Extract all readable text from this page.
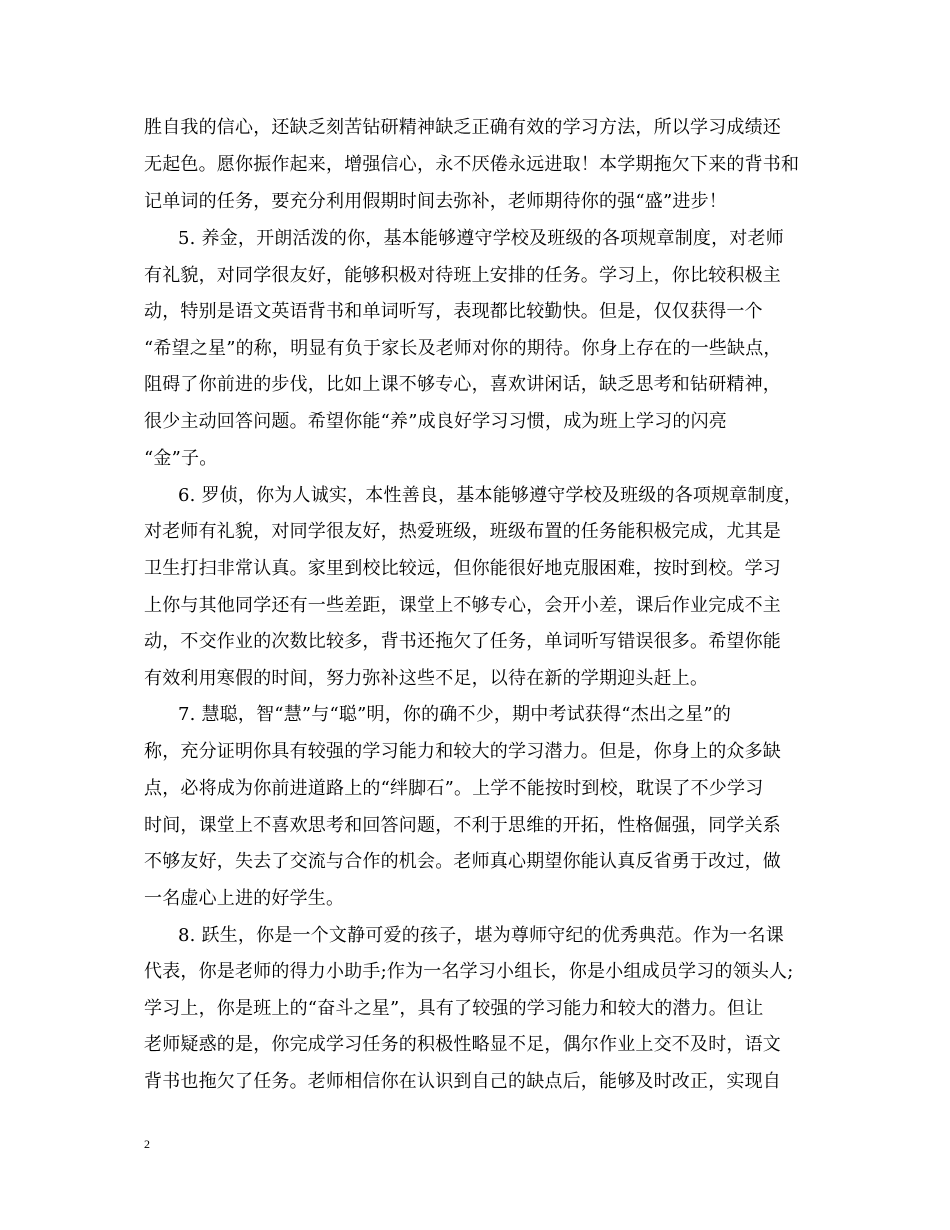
胜自我的信心，还缺乏刻苦钻研精神缺乏正确有效的学习方法，所以学习成绩还
无起色。愿你振作起来，增强信心，永不厌倦永远进取！本学期拖欠下来的背书和
记单词的任务，要充分利用假期时间去弥补，老师期待你的强“盛”进步！
5. 养金，开朗活泼的你，基本能够遵守学校及班级的各项规章制度，对老师
有礼貌，对同学很友好，能够积极对待班上安排的任务。学习上，你比较积极主
动，特别是语文英语背书和单词听写，表现都比较勤快。但是，仅仅获得一个
“希望之星”的称，明显有负于家长及老师对你的期待。你身上存在的一些缺点，
阻碍了你前进的步伐，比如上课不够专心，喜欢讲闲话，缺乏思考和钻研精神，
很少主动回答问题。希望你能“养”成良好学习习惯，成为班上学习的闪亮
“金”子。
6. 罗侦，你为人诚实，本性善良，基本能够遵守学校及班级的各项规章制度，
对老师有礼貌，对同学很友好，热爱班级，班级布置的任务能积极完成，尤其是
卫生打扫非常认真。家里到校比较远，但你能很好地克服困难，按时到校。学习
上你与其他同学还有一些差距，课堂上不够专心，会开小差，课后作业完成不主
动，不交作业的次数比较多，背书还拖欠了任务，单词听写错误很多。希望你能
有效利用寒假的时间，努力弥补这些不足，以待在新的学期迎头赶上。
7. 慧聪，智“慧”与“聪”明，你的确不少，期中考试获得“杰出之星”的
称，充分证明你具有较强的学习能力和较大的学习潜力。但是，你身上的众多缺
点，必将成为你前进道路上的“绊脚石”。上学不能按时到校，耽误了不少学习
时间，课堂上不喜欢思考和回答问题，不利于思维的开拓，性格倔强，同学关系
不够友好，失去了交流与合作的机会。老师真心期望你能认真反省勇于改过，做
一名虚心上进的好学生。
8. 跃生，你是一个文静可爱的孩子，堪为尊师守纪的优秀典范。作为一名课
代表，你是老师的得力小助手;作为一名学习小组长，你是小组成员学习的领头人;
学习上，你是班上的“奋斗之星”，具有了较强的学习能力和较大的潜力。但让
老师疑惑的是，你完成学习任务的积极性略显不足，偶尔作业上交不及时，语文
背书也拖欠了任务。老师相信你在认识到自己的缺点后，能够及时改正，实现自
2
